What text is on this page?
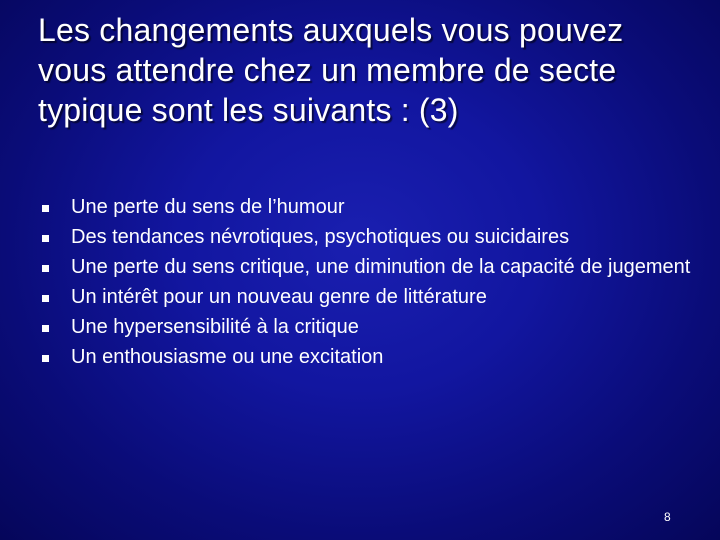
Les changements auxquels vous pouvez vous attendre chez un membre de secte typique sont les suivants : (3)
Une perte du sens de l’humour
Des tendances névrotiques, psychotiques ou suicidaires
Une perte du sens critique, une diminution de la capacité de jugement
Un intérêt pour un nouveau genre de littérature
Une hypersensibilité à la critique
Un enthousiasme ou une excitation
8
